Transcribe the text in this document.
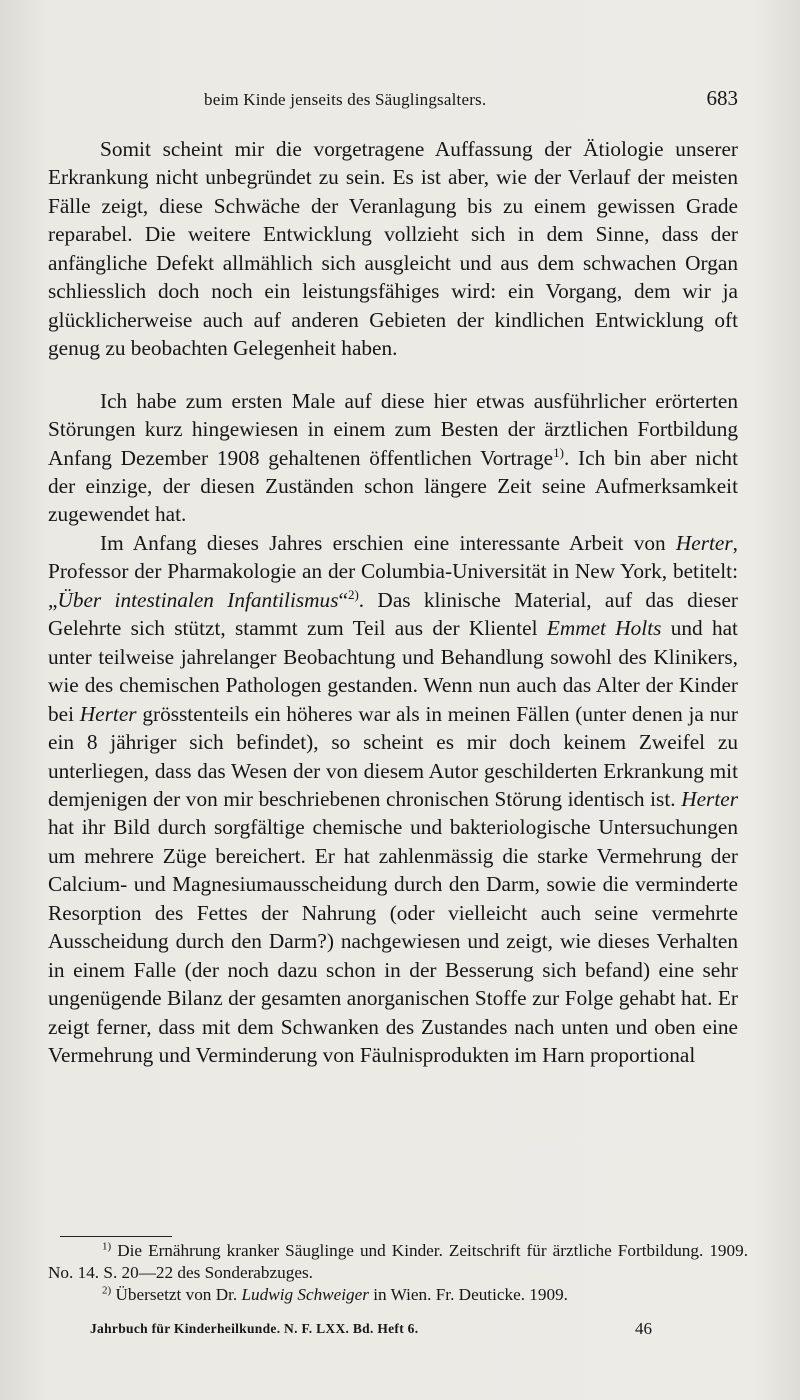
beim Kinde jenseits des Säuglingsalters.	683

Somit scheint mir die vorgetragene Auffassung der Ätiologie unserer Erkrankung nicht unbegründet zu sein. Es ist aber, wie der Verlauf der meisten Fälle zeigt, diese Schwäche der Veranlagung bis zu einem gewissen Grade reparabel. Die weitere Entwicklung vollzieht sich in dem Sinne, dass der anfängliche Defekt allmählich sich ausgleicht und aus dem schwachen Organ schliesslich doch noch ein leistungsfähiges wird: ein Vorgang, dem wir ja glücklicherweise auch auf anderen Gebieten der kindlichen Entwicklung oft genug zu beobachten Gelegenheit haben.

Ich habe zum ersten Male auf diese hier etwas ausführlicher erörterten Störungen kurz hingewiesen in einem zum Besten der ärztlichen Fortbildung Anfang Dezember 1908 gehaltenen öffentlichen Vortrage$^{1)}$. Ich bin aber nicht der einzige, der diesen Zuständen schon längere Zeit seine Aufmerksamkeit zugewendet hat.

Im Anfang dieses Jahres erschien eine interessante Arbeit von Herter, Professor der Pharmakologie an der Columbia-Universität in New York, betitelt: „Über intestinalen Infantilismus“$^{2)}$. Das klinische Material, auf das dieser Gelehrte sich stützt, stammt zum Teil aus der Klientel Emmet Holts und hat unter teilweise jahrelanger Beobachtung und Behandlung sowohl des Klinikers, wie des chemischen Pathologen gestanden. Wenn nun auch das Alter der Kinder bei Herter grösstenteils ein höheres war als in meinen Fällen (unter denen ja nur ein 8 jähriger sich befindet), so scheint es mir doch keinem Zweifel zu unterliegen, dass das Wesen der von diesem Autor geschilderten Erkrankung mit demjenigen der von mir beschriebenen chronischen Störung identisch ist. Herter hat ihr Bild durch sorgfältige chemische und bakteriologische Untersuchungen um mehrere Züge bereichert. Er hat zahlenmässig die starke Vermehrung der Calcium- und Magnesiumausscheidung durch den Darm, sowie die verminderte Resorption des Fettes der Nahrung (oder vielleicht auch seine vermehrte Ausscheidung durch den Darm?) nachgewiesen und zeigt, wie dieses Verhalten in einem Falle (der noch dazu schon in der Besserung sich befand) eine sehr ungenügende Bilanz der gesamten anorganischen Stoffe zur Folge gehabt hat. Er zeigt ferner, dass mit dem Schwanken des Zustandes nach unten und oben eine Vermehrung und Verminderung von Fäulnisprodukten im Harn proportional

$^{1)}$ Die Ernährung kranker Säuglinge und Kinder. Zeitschrift für ärztliche Fortbildung. 1909. No. 14. S. 20—22 des Sonderabzuges.

$^{2)}$ Übersetzt von Dr. Ludwig Schweiger in Wien. Fr. Deuticke. 1909.

Jahrbuch für Kinderheilkunde. N. F. LXX. Bd. Heft 6.	46
